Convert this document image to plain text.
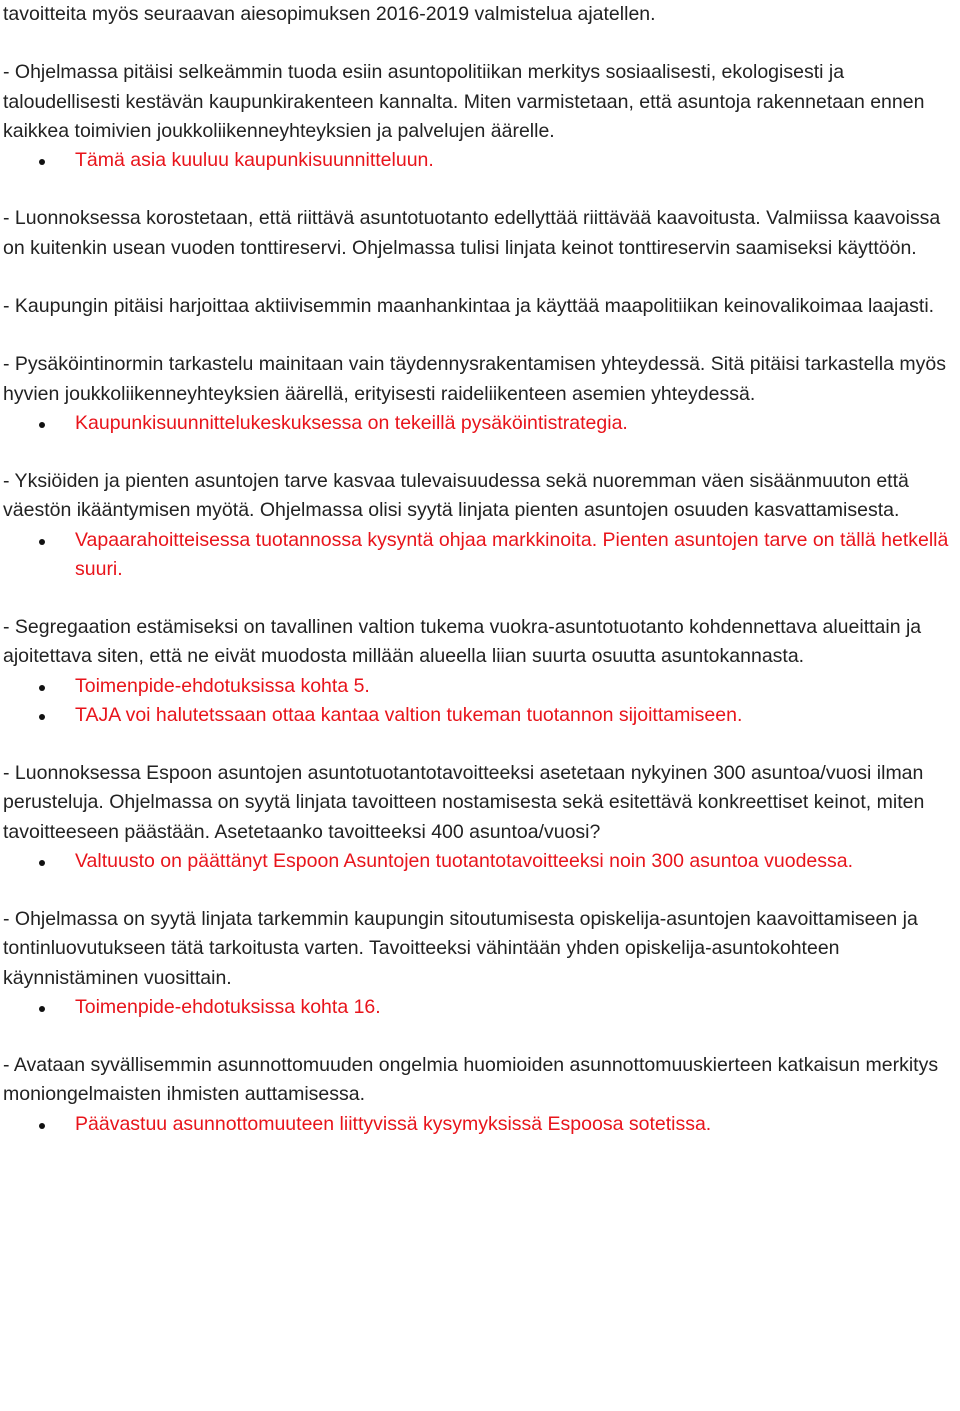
tavoitteita myös seuraavan aiesopimuksen 2016-2019 valmistelua ajatellen.

- Ohjelmassa pitäisi selkeämmin tuoda esiin asuntopolitiikan merkitys sosiaalisesti, ekologisesti ja taloudellisesti kestävän kaupunkirakenteen kannalta. Miten varmistetaan, että asuntoja rakennetaan ennen kaikkea toimivien joukkoliikenneyhteyksien ja palvelujen äärelle.

Tämä asia kuuluu kaupunkisuunnitteluun.

- Luonnoksessa korostetaan, että riittävä asuntotuotanto edellyttää riittävää kaavoitusta. Valmiissa kaavoissa on kuitenkin usean vuoden tonttireservi. Ohjelmassa tulisi linjata keinot tonttireservin saamiseksi käyttöön.

- Kaupungin pitäisi harjoittaa aktiivisemmin maanhankintaa ja käyttää maapolitiikan keinovalikoimaa laajasti.

- Pysäköintinormin tarkastelu mainitaan vain täydennysrakentamisen yhteydessä. Sitä pitäisi tarkastella myös hyvien joukkoliikenneyhteyksien äärellä, erityisesti raideliikenteen asemien yhteydessä.

Kaupunkisuunnittelukeskuksessa on tekeillä pysäköintistrategia.

- Yksiöiden ja pienten asuntojen tarve kasvaa tulevaisuudessa sekä nuoremman väen sisäänmuuton että väestön ikääntymisen myötä. Ohjelmassa olisi syytä linjata pienten asuntojen osuuden kasvattamisesta.

Vapaarahoitteisessa tuotannossa kysyntä ohjaa markkinoita. Pienten asuntojen tarve on tällä hetkellä suuri.

- Segregaation estämiseksi on tavallinen valtion tukema vuokra-asuntotuotanto kohdennettava alueittain ja ajoitettava siten, että ne eivät muodosta millään alueella liian suurta osuutta asuntokannasta.

Toimenpide-ehdotuksissa kohta 5.
TAJA voi halutetssaan ottaa kantaa valtion tukeman tuotannon sijoittamiseen.

- Luonnoksessa Espoon asuntojen asuntotuotantotavoitteeksi asetetaan nykyinen 300 asuntoa/vuosi ilman perusteluja. Ohjelmassa on syytä linjata tavoitteen nostamisesta sekä esitettävä konkreettiset keinot, miten tavoitteeseen päästään. Asetetaanko tavoitteeksi 400 asuntoa/vuosi?

Valtuusto on päättänyt Espoon Asuntojen tuotantotavoitteeksi noin 300 asuntoa vuodessa.

- Ohjelmassa on syytä linjata tarkemmin kaupungin sitoutumisesta opiskelija-asuntojen kaavoittamiseen ja tontinluovutukseen tätä tarkoitusta varten. Tavoitteeksi vähintään yhden opiskelija-asuntokohteen käynnistäminen vuosittain.

Toimenpide-ehdotuksissa kohta 16.

- Avataan syvällisemmin asunnottomuuden ongelmia huomioiden asunnottomuuskierteen katkaisun merkitys moniongelmaisten ihmisten auttamisessa.

Päävastuu asunnottomuuteen liittyvissä kysymyksissä Espoosa sotetissa.
